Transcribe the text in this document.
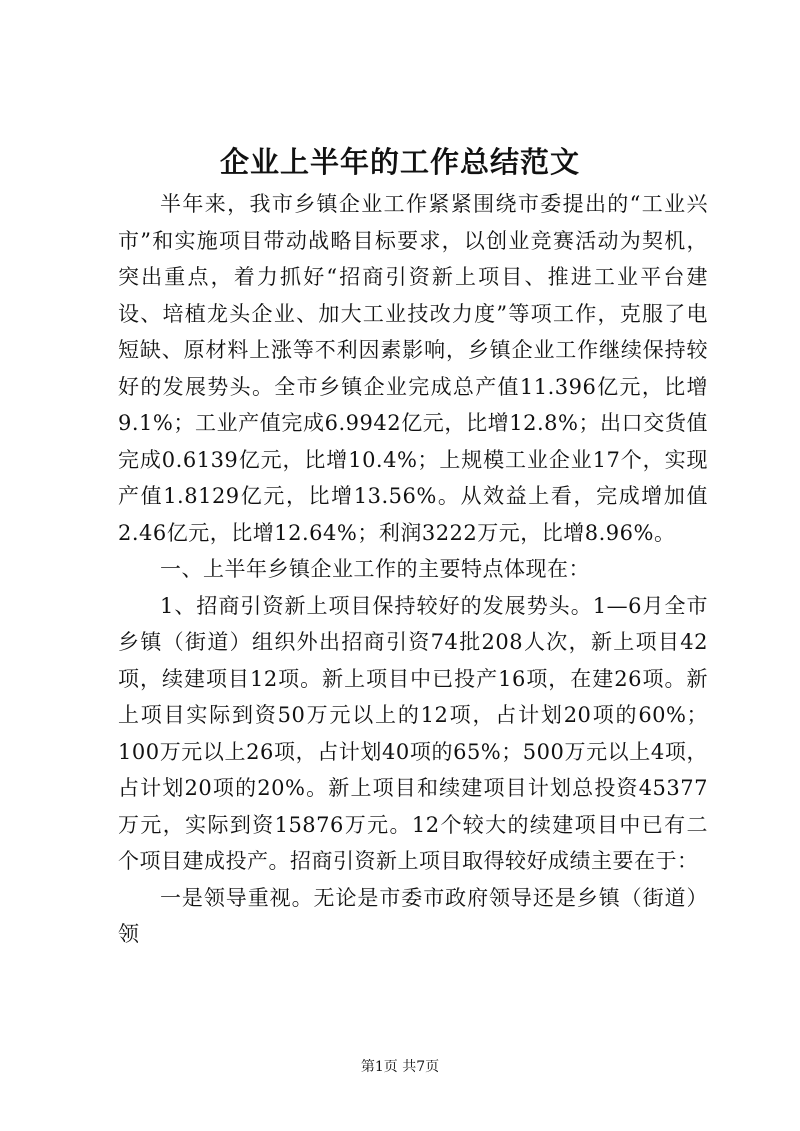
企业上半年的工作总结范文

半年来，我市乡镇企业工作紧紧围绕市委提出的“工业兴市”和实施项目带动战略目标要求，以创业竞赛活动为契机，突出重点，着力抓好“招商引资新上项目、推进工业平台建设、培植龙头企业、加大工业技改力度”等项工作，克服了电短缺、原材料上涨等不利因素影响，乡镇企业工作继续保持较好的发展势头。全市乡镇企业完成总产值11.396亿元，比增9.1%；工业产值完成6.9942亿元，比增12.8%；出口交货值完成0.6139亿元，比增10.4%；上规模工业企业17个，实现产值1.8129亿元，比增13.56%。从效益上看，完成增加值2.46亿元，比增12.64%；利润3222万元，比增8.96%。

一、上半年乡镇企业工作的主要特点体现在：

1、招商引资新上项目保持较好的发展势头。1—6月全市乡镇（街道）组织外出招商引资74批208人次，新上项目42项，续建项目12项。新上项目中已投产16项，在建26项。新上项目实际到资50万元以上的12项，占计划20项的60%；100万元以上26项，占计划40项的65%；500万元以上4项，占计划20项的20%。新上项目和续建项目计划总投资45377万元，实际到资15876万元。12个较大的续建项目中已有二个项目建成投产。招商引资新上项目取得较好成绩主要在于：

一是领导重视。无论是市委市政府领导还是乡镇（街道）领

第1页 共7页
